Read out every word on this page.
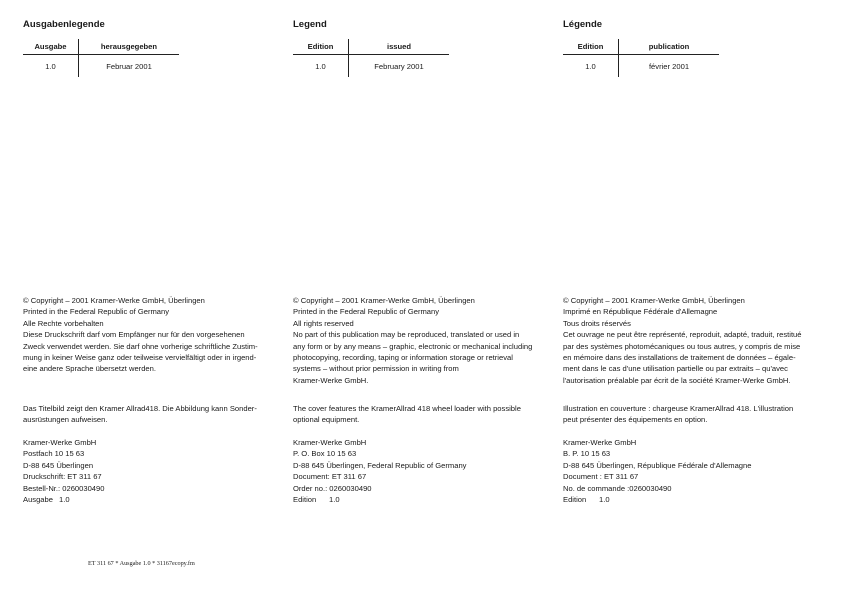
Ausgabenlegende
Ausgabe	herausgegeben
1.0	Februar 2001
© Copyright – 2001 Kramer-Werke GmbH, Überlingen
Printed in the Federal Republic of Germany
Alle Rechte vorbehalten
Diese Druckschrift darf vom Empfänger nur für den vorgesehenen
Zweck verwendet werden. Sie darf ohne vorherige schriftliche Zustim-
mung in keiner Weise ganz oder teilweise vervielfältigt oder in irgend-
eine andere Sprache übersetzt werden.
Das Titelbild zeigt den Kramer Allrad418. Die Abbildung kann Sonder-
ausrüstungen aufweisen.
Kramer-Werke GmbH
Postfach 10 15 63
D-88 645 Überlingen
Druckschrift: ET 311 67
Bestell-Nr.: 0260030490
Ausgabe 1.0
Legend
Edition	issued
1.0	February 2001
© Copyright – 2001 Kramer-Werke GmbH, Überlingen
Printed in the Federal Republic of Germany
All rights reserved
No part of this publication may be reproduced, translated or used in
any form or by any means – graphic, electronic or mechanical including
photocopying, recording, taping or information storage or retrieval
systems – without prior permission in writing from
Kramer-Werke GmbH.
The cover features the KramerAllrad 418 wheel loader with possible
optional equipment.
Kramer-Werke GmbH
P. O. Box 10 15 63
D-88 645 Überlingen, Federal Republic of Germany
Document: ET 311 67
Order no.: 0260030490
Edition 1.0
Légende
Edition	publication
1.0	février 2001
© Copyright – 2001 Kramer-Werke GmbH, Überlingen
Imprimé en République Fédérale d'Allemagne
Tous droits réservés
Cet ouvrage ne peut être représenté, reproduit, adapté, traduit, restitué
par des systèmes photomécaniques ou tous autres, y compris de mise
en mémoire dans des installations de traitement de données – égale-
ment dans le cas d'une utilisation partielle ou par extraits – qu'avec
l'autorisation préalable par écrit de la société Kramer-Werke GmbH.
Illustration en couverture : chargeuse KramerAllrad 418. L'illustration
peut présenter des équipements en option.
Kramer-Werke GmbH
B. P. 10 15 63
D-88 645 Überlingen, République Fédérale d'Allemagne
Document : ET 311 67
No. de commande :0260030490
Edition 1.0
ET 311 67 * Ausgabe 1.0 * 31167ecopy.fm
